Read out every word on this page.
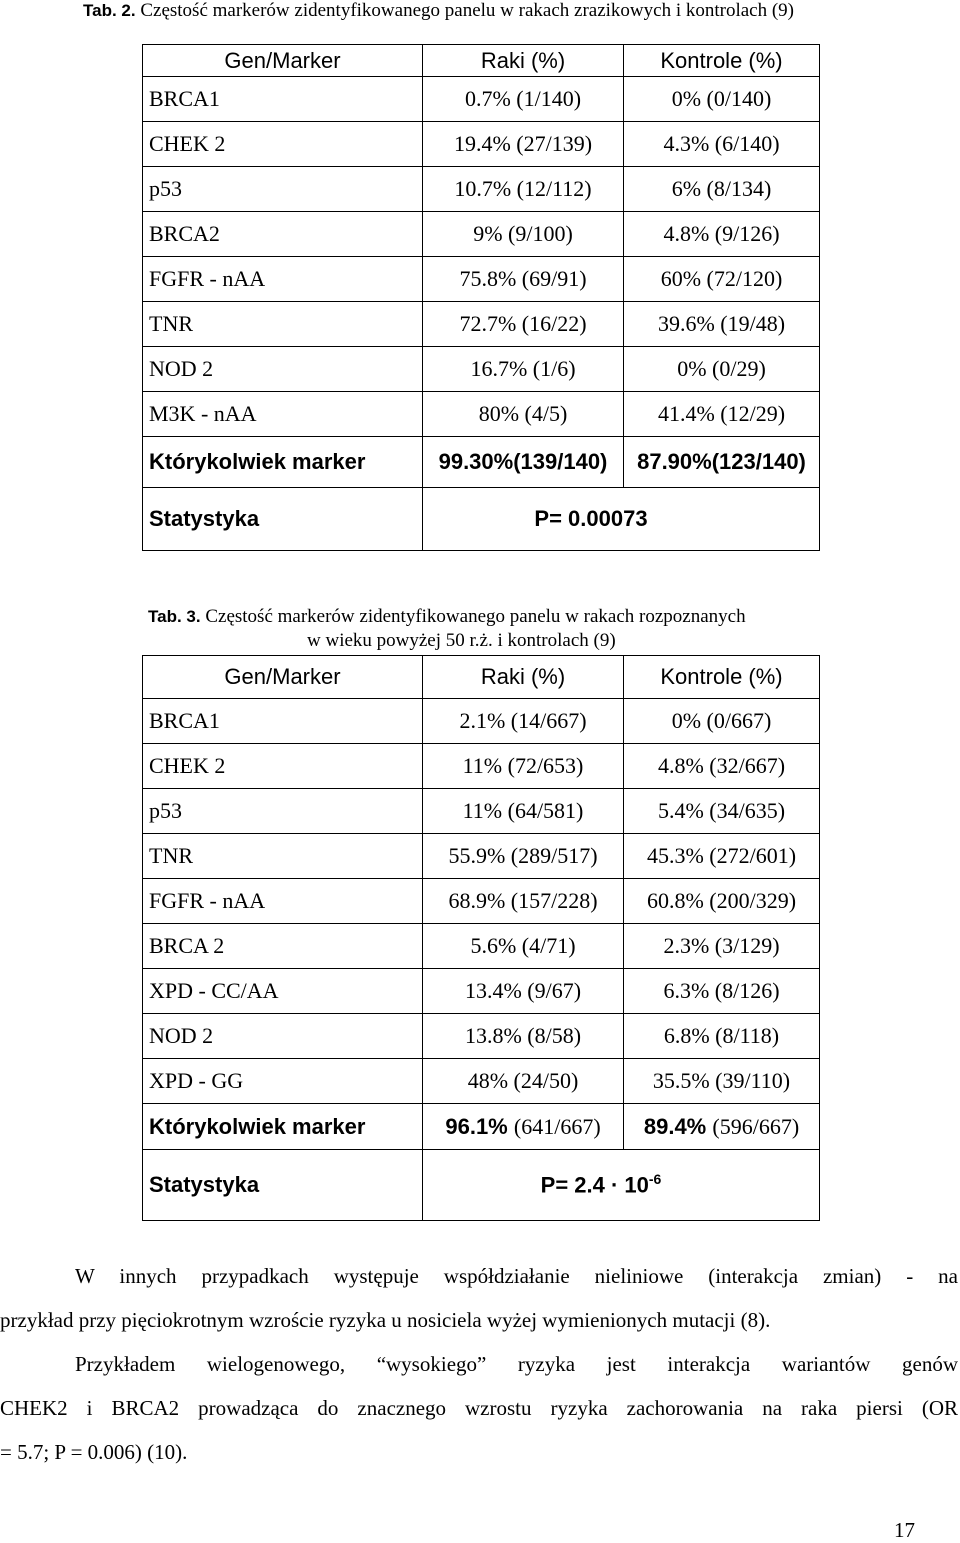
Tab. 2. Częstość markerów zidentyfikowanego panelu w rakach zrazikowych i kontrolach (9)
Gen/Marker	Raki (%)	Kontrole (%)
BRCA1	0.7% (1/140)	0% (0/140)
CHEK 2	19.4% (27/139)	4.3% (6/140)
p53	10.7% (12/112)	6% (8/134)
BRCA2	9% (9/100)	4.8% (9/126)
FGFR - nAA	75.8% (69/91)	60% (72/120)
TNR	72.7% (16/22)	39.6% (19/48)
NOD 2	16.7% (1/6)	0% (0/29)
M3K - nAA	80% (4/5)	41.4% (12/29)
Którykolwiek marker	99.30%(139/140)	87.90%(123/140)
Statystyka	P= 0.00073	
Tab. 3. Częstość markerów zidentyfikowanego panelu w rakach rozpoznanych
w wieku powyżej 50 r.ż. i kontrolach (9)
Gen/Marker	Raki (%)	Kontrole (%)
BRCA1	2.1% (14/667)	0% (0/667)
CHEK 2	11% (72/653)	4.8% (32/667)
p53	11% (64/581)	5.4% (34/635)
TNR	55.9% (289/517)	45.3% (272/601)
FGFR - nAA	68.9% (157/228)	60.8% (200/329)
BRCA 2	5.6% (4/71)	2.3% (3/129)
XPD - CC/AA	13.4% (9/67)	6.3% (8/126)
NOD 2	13.8% (8/58)	6.8% (8/118)
XPD - GG	48% (24/50)	35.5% (39/110)
Którykolwiek marker	96.1% (641/667)	89.4% (596/667)
Statystyka	$P= 2.4 \cdot 10^{-6}$
W innych przypadkach występuje współdziałanie nieliniowe (interakcja zmian) - na
przykład przy pięciokrotnym wzroście ryzyka u nosiciela wyżej wymienionych mutacji (8).
Przykładem wielogenowego, “wysokiego” ryzyka jest interakcja wariantów genów
CHEK2 i BRCA2 prowadząca do znacznego wzrostu ryzyka zachorowania na raka piersi (OR
= 5.7; P = 0.006) (10).
17
